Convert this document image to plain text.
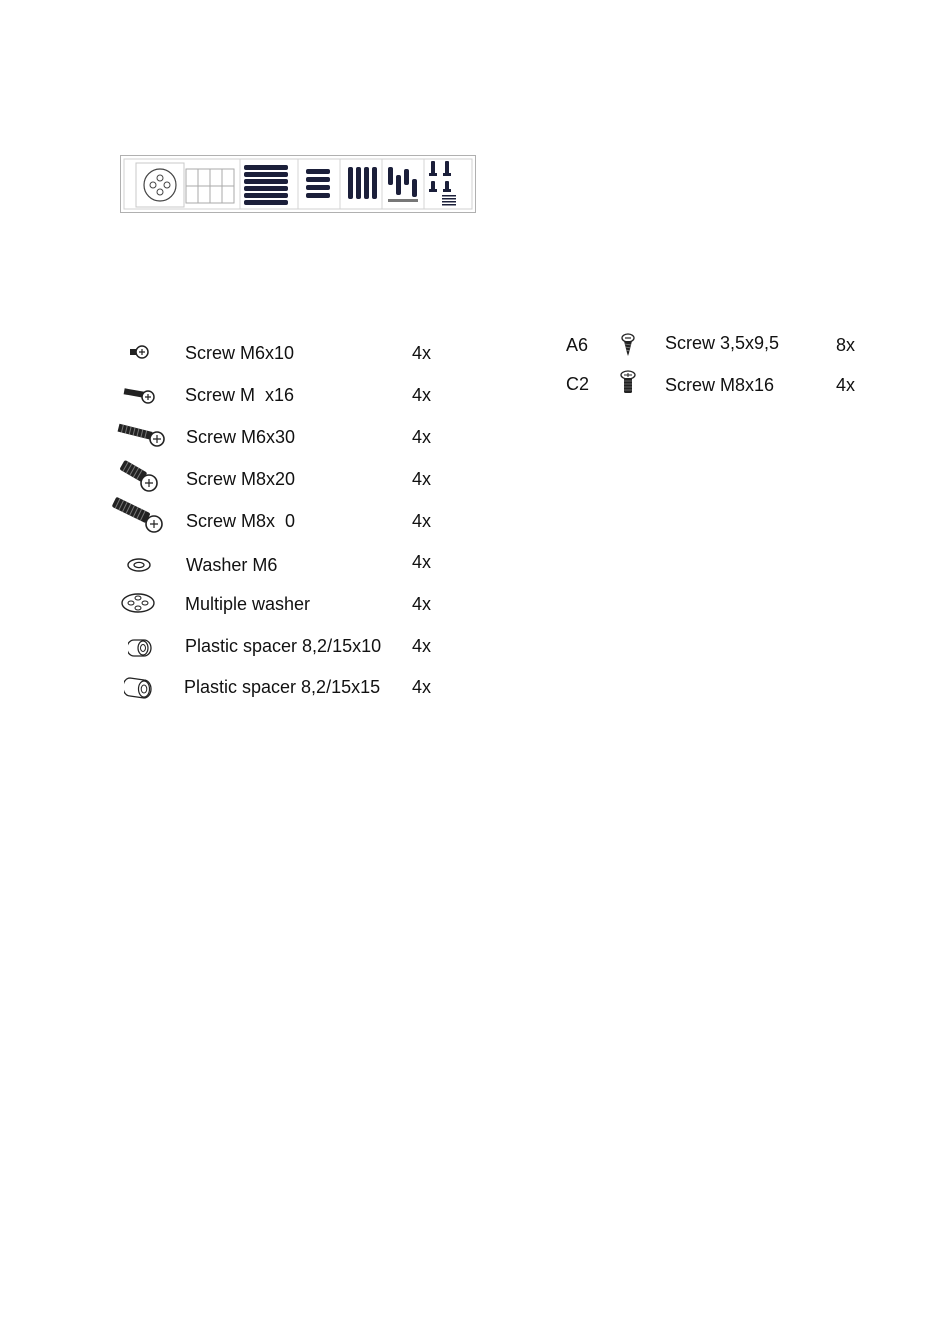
Screw M6x10	4x
Screw M  x16	4x
Screw M6x30	4x
Screw M8x20	4x
Screw M8x  0	4x
Washer M6	4x
Multiple washer	4x
Plastic spacer 8,2/15x10 4x
Plastic spacer 8,2/15x15 4x
A6	Screw 3,5x9,5	8x
C2	Screw M8x16	4x
